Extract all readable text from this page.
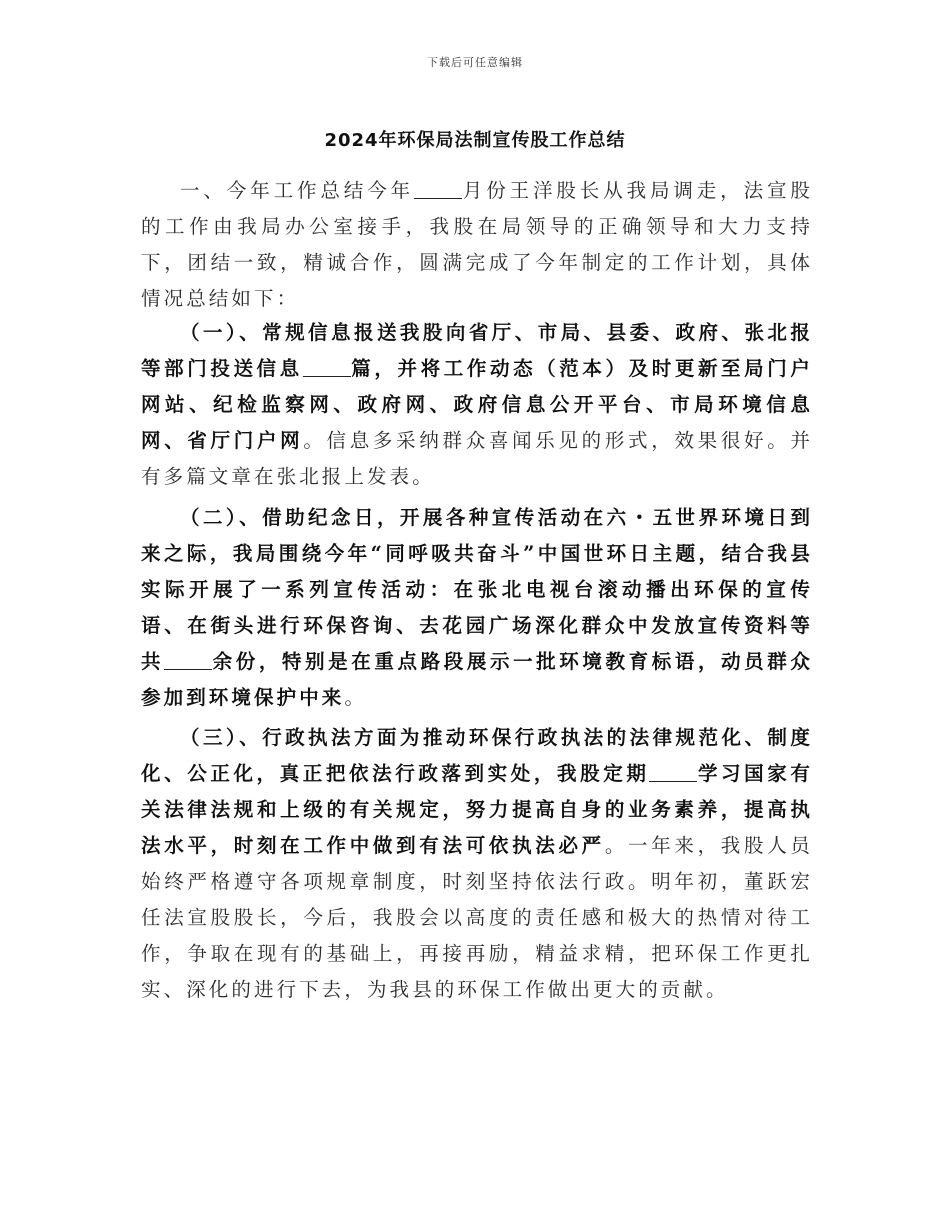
下载后可任意编辑
2024年环保局法制宣传股工作总结
一、今年工作总结今年 月份王洋股长从我局调走，法宣股的工作由我局办公室接手，我股在局领导的正确领导和大力支持下，团结一致，精诚合作，圆满完成了今年制定的工作计划，具体情况总结如下：
（一）、常规信息报送我股向省厅、市局、县委、政府、张北报等部门投送信息 篇，并将工作动态（范本）及时更新至局门户网站、纪检监察网、政府网、政府信息公开平台、市局环境信息网、省厅门户网。信息多采纳群众喜闻乐见的形式，效果很好。并有多篇文章在张北报上发表。
（二）、借助纪念日，开展各种宣传活动在六・五世界环境日到来之际，我局围绕今年“同呼吸共奋斗”中国世环日主题，结合我县实际开展了一系列宣传活动：在张北电视台滚动播出环保的宣传语、在街头进行环保咨询、去花园广场深化群众中发放宣传资料等共 余份，特别是在重点路段展示一批环境教育标语，动员群众参加到环境保护中来。
（三）、行政执法方面为推动环保行政执法的法律规范化、制度化、公正化，真正把依法行政落到实处，我股定期 学习国家有关法律法规和上级的有关规定，努力提高自身的业务素养，提高执法水平，时刻在工作中做到有法可依执法必严。一年来，我股人员始终严格遵守各项规章制度，时刻坚持依法行政。明年初，董跃宏任法宣股股长，今后，我股会以高度的责任感和极大的热情对待工作，争取在现有的基础上，再接再励，精益求精，把环保工作更扎实、深化的进行下去，为我县的环保工作做出更大的贡献。
